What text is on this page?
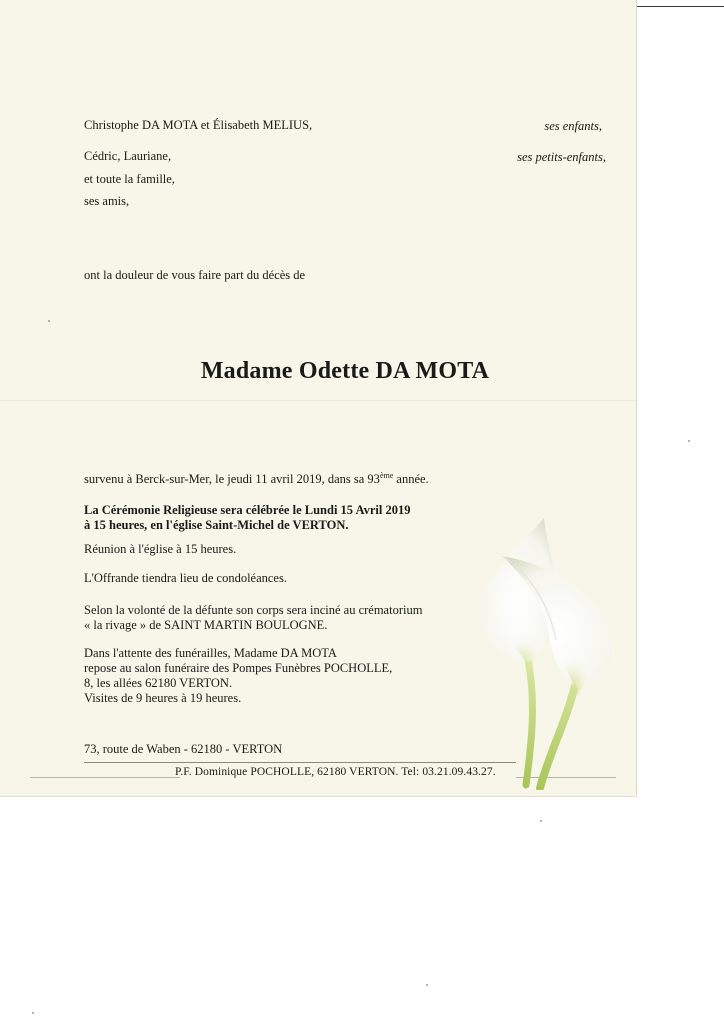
Christophe DA MOTA et Élisabeth MELIUS,	ses enfants,
Cédric, Lauriane,	ses petits-enfants,
et toute la famille,
ses amis,
ont la douleur de vous faire part du décès de
Madame Odette DA MOTA
survenu à Berck-sur-Mer, le jeudi 11 avril 2019, dans sa 93ème année.
La Cérémonie Religieuse sera célébrée le Lundi 15 Avril 2019
à 15 heures, en l'église Saint-Michel de VERTON.
Réunion à l'église à 15 heures.
L'Offrande tiendra lieu de condoléances.
Selon la volonté de la défunte son corps sera inciné au crématorium
« la rivage » de SAINT MARTIN BOULOGNE.
Dans l'attente des funérailles, Madame DA MOTA
repose au salon funéraire des Pompes Funèbres POCHOLLE,
8, les allées 62180 VERTON.
Visites de 9 heures à 19 heures.
73, route de Waben - 62180 - VERTON
P.F. Dominique POCHOLLE, 62180 VERTON. Tel: 03.21.09.43.27.
